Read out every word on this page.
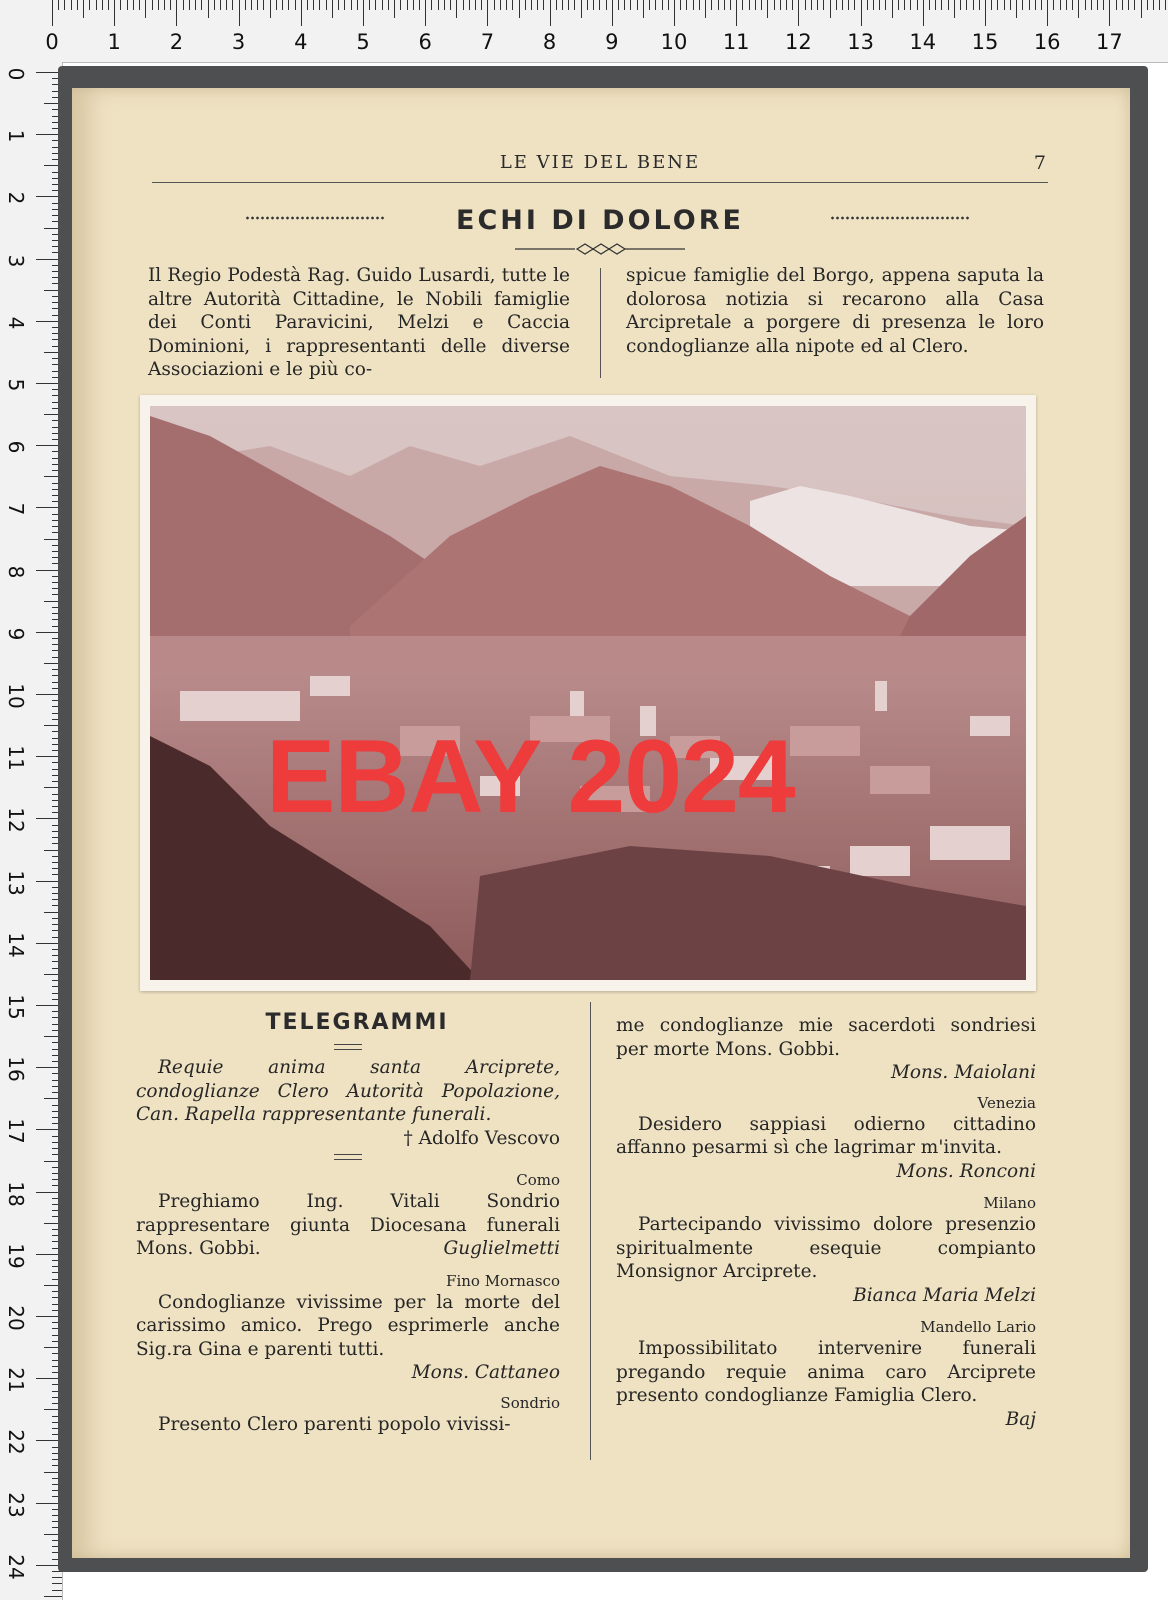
0 1 2 3 4 5 6 7 8 9 10 11 12 13 14 15 16 17
0
1
2
3
4
5
6
7
8
9
10
11
12
13
14
15
16
17
18
19
20
21
22
23
24
LE VIE DEL BENE	7
ECHI DI DOLORE
Il Regio Podestà Rag. Guido Lusardi, tutte le altre Autorità Cittadine, le Nobili famiglie dei Conti Paravicini, Melzi e Caccia Dominioni, i rappresentanti delle diverse Associazioni e le più co-
spicue famiglie del Borgo, appena saputa la dolorosa notizia si recarono alla Casa Arcipretale a porgere di presenza le loro condoglianze alla nipote ed al Clero.
EBAY 2024
TELEGRAMMI
Requie anima santa Arciprete, condoglianze Clero Autorità Popolazione, Can. Rapella rappresentante funerali.
† Adolfo Vescovo
Como
Preghiamo Ing. Vitali Sondrio rappresentare giunta Diocesana funerali Mons. Gobbi.	Guglielmetti
Fino Mornasco
Condoglianze vivissime per la morte del carissimo amico. Prego esprimerle anche Sig.ra Gina e parenti tutti.
Mons. Cattaneo
Sondrio
Presento Clero parenti popolo vivissi-
me condoglianze mie sacerdoti sondriesi per morte Mons. Gobbi.
Mons. Maiolani
Venezia
Desidero sappiasi odierno cittadino affanno pesarmi sì che lagrimar m'invita.
Mons. Ronconi
Milano
Partecipando vivissimo dolore presenzio spiritualmente esequie compianto Monsignor Arciprete.
Bianca Maria Melzi
Mandello Lario
Impossibilitato intervenire funerali pregando requie anima caro Arciprete presento condoglianze Famiglia Clero.
Baj
